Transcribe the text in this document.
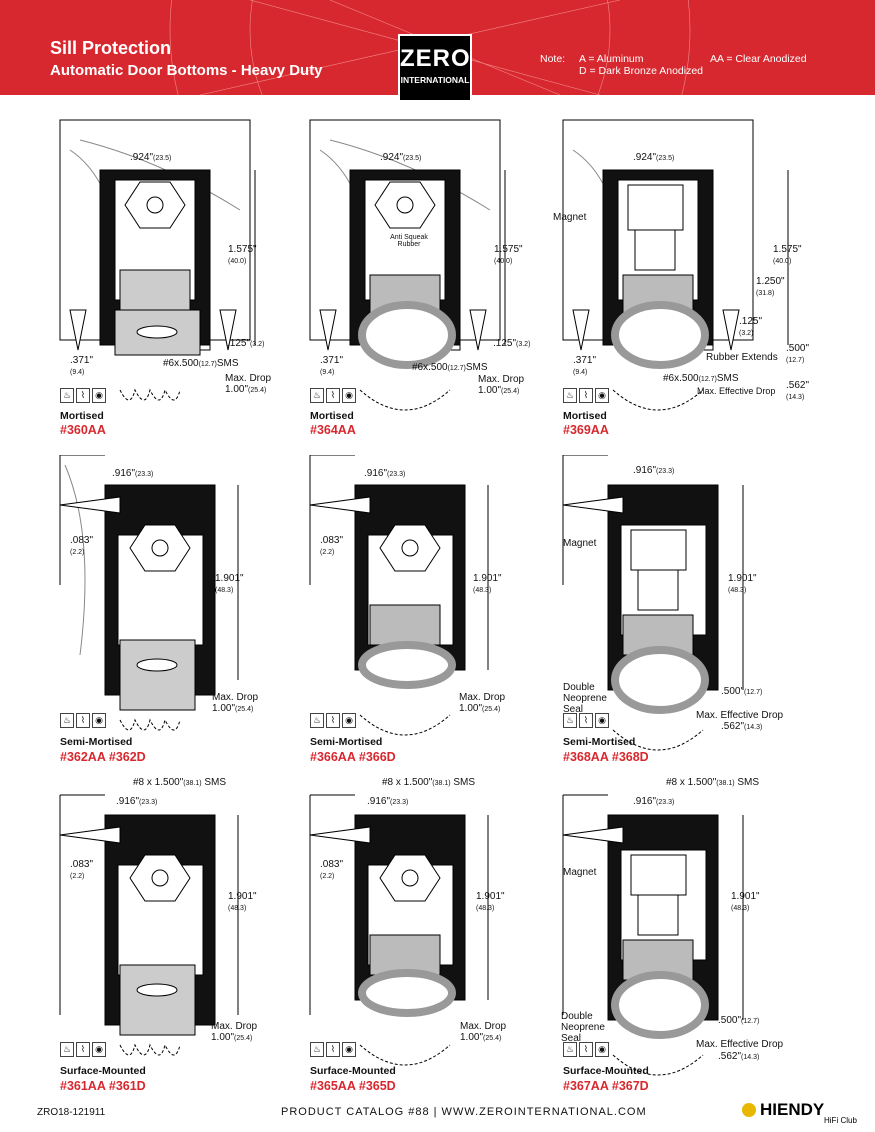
Sill Protection
Automatic Door Bottoms - Heavy Duty
Note: A = Aluminum
D = Dark Bronze Anodized
AA = Clear Anodized
ZERO
INTERNATIONAL
.924"(23.5)
1.575"
(40.0)
.125"(3.2)
.371"
(9.4)
#6x.500(12.7)SMS
Max. Drop
1.00"(25.4)
♨	⌇	◉
Mortised
#360AA
.924"(23.5)
Anti Squeak Rubber	1.575"
(40.0)
.125"(3.2)
.371"
(9.4)	#6x.500(12.7)SMS
Max. Drop
1.00"(25.4)
♨	⌇	◉
Mortised
#364AA
.924"(23.5)
Magnet
1.575"
(40.0)
1.250"
(31.8)
.125"
(3.2)
.500"
(12.7)
Rubber Extends
.371"
(9.4)
#6x.500(12.7)SMS
Max. Effective Drop .562"
(14.3)
♨	⌇	◉
Mortised
#369AA
.916"(23.3)
.083"
(2.2)
1.901"
(48.3)
Max. Drop
1.00"(25.4)
♨	⌇	◉
Semi-Mortised
#362AA #362D
.916"(23.3)
.083"
(2.2)
1.901"
(48.3)
Max. Drop
1.00"(25.4)
♨	⌇	◉
Semi-Mortised
#366AA #366D
.916"(23.3)
Magnet
1.901"
(48.3)
Double Neoprene Seal
.500"(12.7)
Max. Effective Drop
.562"(14.3)
♨	⌇	◉
Semi-Mortised
#368AA #368D
#8 x 1.500"(38.1) SMS
.916"(23.3)
.083"
(2.2)
1.901"
(48.3)
Max. Drop
1.00"(25.4)
♨	⌇	◉
Surface-Mounted
#361AA #361D
#8 x 1.500"(38.1) SMS
.916"(23.3)
.083"
(2.2)
1.901"
(48.3)
Max. Drop
1.00"(25.4)
♨	⌇	◉
Surface-Mounted
#365AA #365D
#8 x 1.500"(38.1) SMS
.916"(23.3)
Magnet
1.901"
(48.3)
Double Neoprene Seal
.500"(12.7)
Max. Effective Drop
.562"(14.3)
♨	⌇	◉
Surface-Mounted
#367AA #367D
ZRO18-121911	PRODUCT CATALOG #88 | WWW.ZEROINTERNATIONAL.COM	HIENDY
HiFi Club
